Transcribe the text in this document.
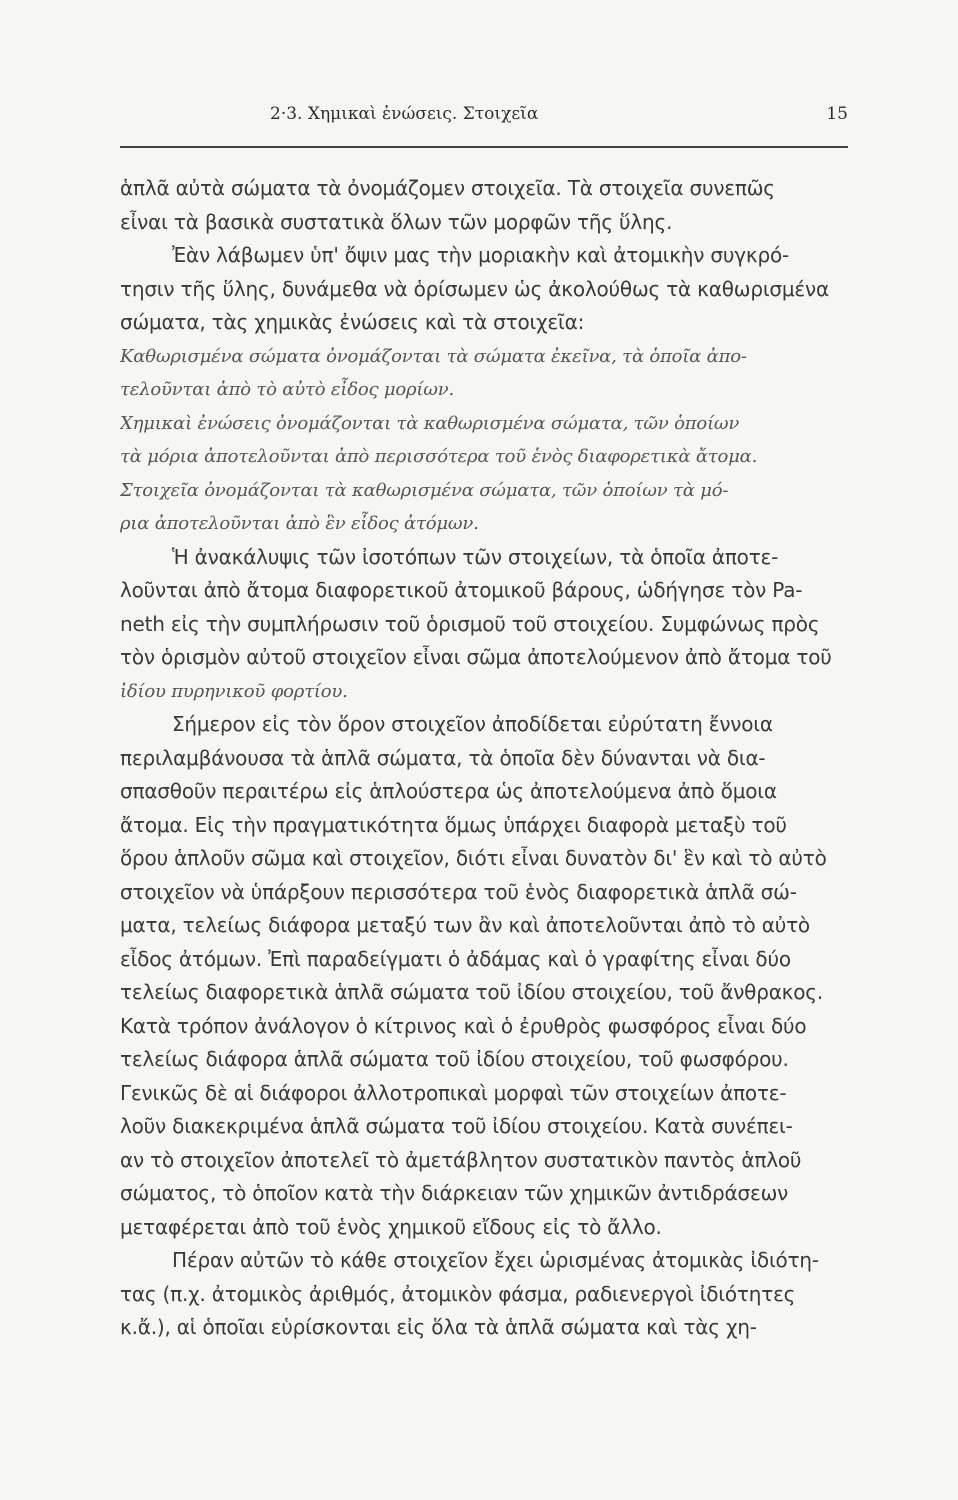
2·3. Χημικαὶ ἐνώσεις. Στοιχεῖα	15
ἁπλᾶ αὐτὰ σώματα τὰ ὀνομάζομεν στοιχεῖα. Τὰ στοιχεῖα συνεπῶς
εἶναι τὰ βασικὰ συστατικὰ ὅλων τῶν μορφῶν τῆς ὕλης.
Ἐὰν λάβωμεν ὑπ' ὄψιν μας τὴν μοριακὴν καὶ ἀτομικὴν συγκρό-
τησιν τῆς ὕλης, δυνάμεθα νὰ ὁρίσωμεν ὡς ἀκολούθως τὰ καθωρισμένα
σώματα, τὰς χημικὰς ἐνώσεις καὶ τὰ στοιχεῖα:
Καθωρισμένα σώματα ὀνομάζονται τὰ σώματα ἐκεῖνα, τὰ ὁποῖα ἀπο-
τελοῦνται ἀπὸ τὸ αὐτὸ εἶδος μορίων.
Χημικαὶ ἐνώσεις ὀνομάζονται τὰ καθωρισμένα σώματα, τῶν ὁποίων
τὰ μόρια ἀποτελοῦνται ἀπὸ περισσότερα τοῦ ἑνὸς διαφορετικὰ ἄτομα.
Στοιχεῖα ὀνομάζονται τὰ καθωρισμένα σώματα, τῶν ὁποίων τὰ μό-
ρια ἀποτελοῦνται ἀπὸ ἓν εἶδος ἀτόμων.
Ἡ ἀνακάλυψις τῶν ἰσοτόπων τῶν στοιχείων, τὰ ὁποῖα ἀποτε-
λοῦνται ἀπὸ ἄτομα διαφορετικοῦ ἀτομικοῦ βάρους, ὡδήγησε τὸν Pa-
neth εἰς τὴν συμπλήρωσιν τοῦ ὁρισμοῦ τοῦ στοιχείου. Συμφώνως πρὸς
τὸν ὁρισμὸν αὐτοῦ στοιχεῖον εἶναι σῶμα ἀποτελούμενον ἀπὸ ἄτομα τοῦ
ἰδίου πυρηνικοῦ φορτίου.
Σήμερον εἰς τὸν ὅρον στοιχεῖον ἀποδίδεται εὐρύτατη ἔννοια
περιλαμβάνουσα τὰ ἁπλᾶ σώματα, τὰ ὁποῖα δὲν δύνανται νὰ δια-
σπασθοῦν περαιτέρω εἰς ἁπλούστερα ὡς ἀποτελούμενα ἀπὸ ὅμοια
ἄτομα. Εἰς τὴν πραγματικότητα ὅμως ὑπάρχει διαφορὰ μεταξὺ τοῦ
ὅρου ἁπλοῦν σῶμα καὶ στοιχεῖον, διότι εἶναι δυνατὸν δι' ἓν καὶ τὸ αὐτὸ
στοιχεῖον νὰ ὑπάρξουν περισσότερα τοῦ ἑνὸς διαφορετικὰ ἁπλᾶ σώ-
ματα, τελείως διάφορα μεταξύ των ἂν καὶ ἀποτελοῦνται ἀπὸ τὸ αὐτὸ
εἶδος ἀτόμων. Ἐπὶ παραδείγματι ὁ ἀδάμας καὶ ὁ γραφίτης εἶναι δύο
τελείως διαφορετικὰ ἁπλᾶ σώματα τοῦ ἰδίου στοιχείου, τοῦ ἄνθρακος.
Κατὰ τρόπον ἀνάλογον ὁ κίτρινος καὶ ὁ ἐρυθρὸς φωσφόρος εἶναι δύο
τελείως διάφορα ἁπλᾶ σώματα τοῦ ἰδίου στοιχείου, τοῦ φωσφόρου.
Γενικῶς δὲ αἱ διάφοροι ἀλλοτροπικαὶ μορφαὶ τῶν στοιχείων ἀποτε-
λοῦν διακεκριμένα ἁπλᾶ σώματα τοῦ ἰδίου στοιχείου. Κατὰ συνέπει-
αν τὸ στοιχεῖον ἀποτελεῖ τὸ ἀμετάβλητον συστατικὸν παντὸς ἁπλοῦ
σώματος, τὸ ὁποῖον κατὰ τὴν διάρκειαν τῶν χημικῶν ἀντιδράσεων
μεταφέρεται ἀπὸ τοῦ ἑνὸς χημικοῦ εἴδους εἰς τὸ ἄλλο.
Πέραν αὐτῶν τὸ κάθε στοιχεῖον ἔχει ὡρισμένας ἀτομικὰς ἰδιότη-
τας (π.χ. ἀτομικὸς ἀριθμός, ἀτομικὸν φάσμα, ραδιενεργοὶ ἰδιότητες
κ.ἄ.), αἱ ὁποῖαι εὑρίσκονται εἰς ὅλα τὰ ἁπλᾶ σώματα καὶ τὰς χη-
